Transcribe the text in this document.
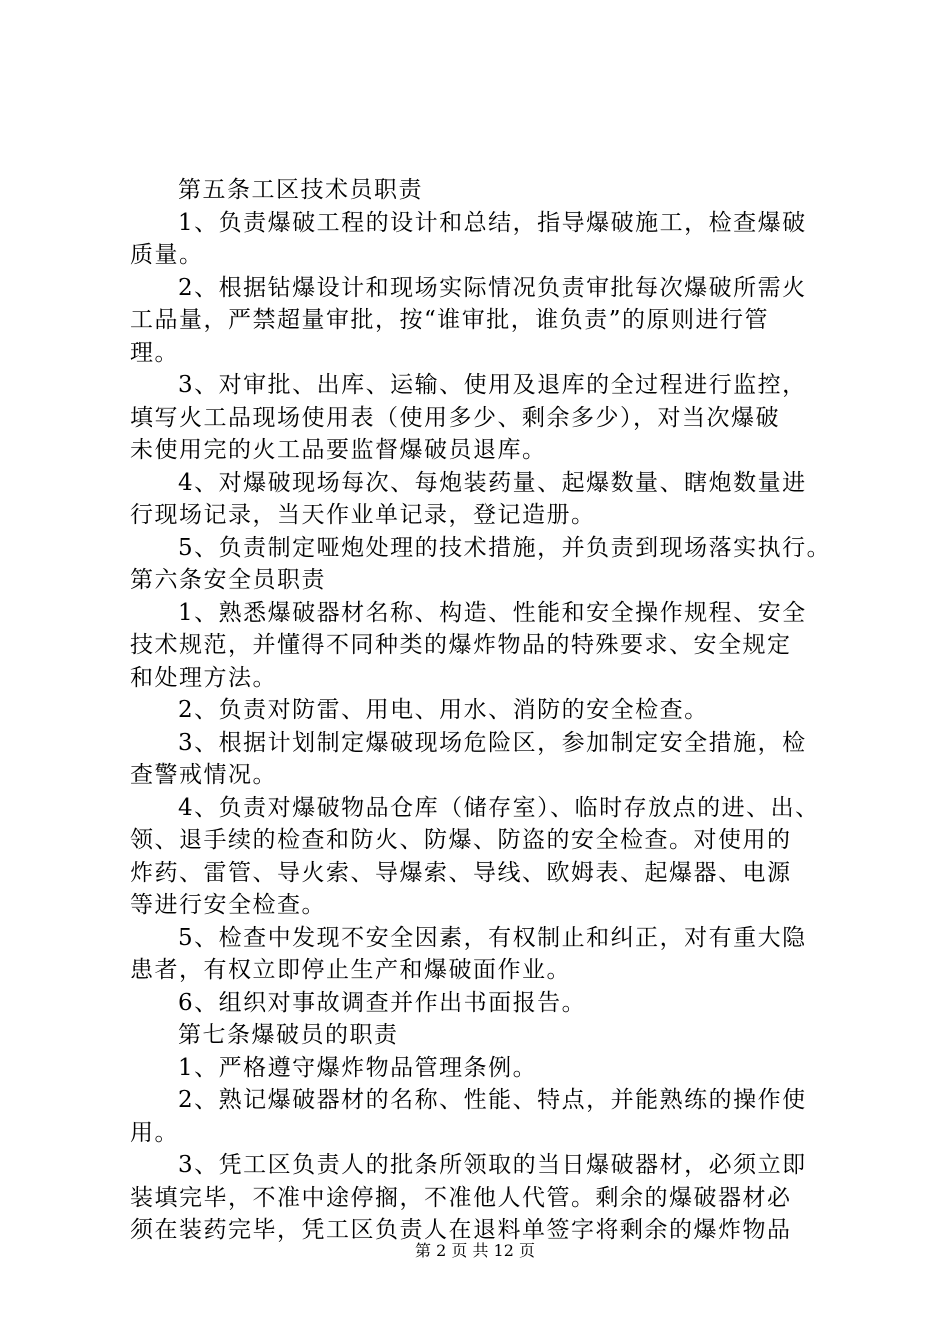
第五条工区技术员职责
1、负责爆破工程的设计和总结，指导爆破施工，检查爆破
质量。
2、根据钻爆设计和现场实际情况负责审批每次爆破所需火
工品量，严禁超量审批，按“谁审批，谁负责”的原则进行管
理。
3、对审批、出库、运输、使用及退库的全过程进行监控，
填写火工品现场使用表（使用多少、剩余多少），对当次爆破
未使用完的火工品要监督爆破员退库。
4、对爆破现场每次、每炮装药量、起爆数量、瞎炮数量进
行现场记录，当天作业单记录，登记造册。
5、负责制定哑炮处理的技术措施，并负责到现场落实执行。
第六条安全员职责
1、熟悉爆破器材名称、构造、性能和安全操作规程、安全
技术规范，并懂得不同种类的爆炸物品的特殊要求、安全规定
和处理方法。
2、负责对防雷、用电、用水、消防的安全检查。
3、根据计划制定爆破现场危险区，参加制定安全措施，检
查警戒情况。
4、负责对爆破物品仓库（储存室）、临时存放点的进、出、
领、退手续的检查和防火、防爆、防盗的安全检查。对使用的
炸药、雷管、导火索、导爆索、导线、欧姆表、起爆器、电源
等进行安全检查。
5、检查中发现不安全因素，有权制止和纠正，对有重大隐
患者，有权立即停止生产和爆破面作业。
6、组织对事故调查并作出书面报告。
第七条爆破员的职责
1、严格遵守爆炸物品管理条例。
2、熟记爆破器材的名称、性能、特点，并能熟练的操作使
用。
3、凭工区负责人的批条所领取的当日爆破器材，必须立即
装填完毕，不准中途停搁，不准他人代管。剩余的爆破器材必
须在装药完毕，凭工区负责人在退料单签字将剩余的爆炸物品
第 2 页 共 12 页
